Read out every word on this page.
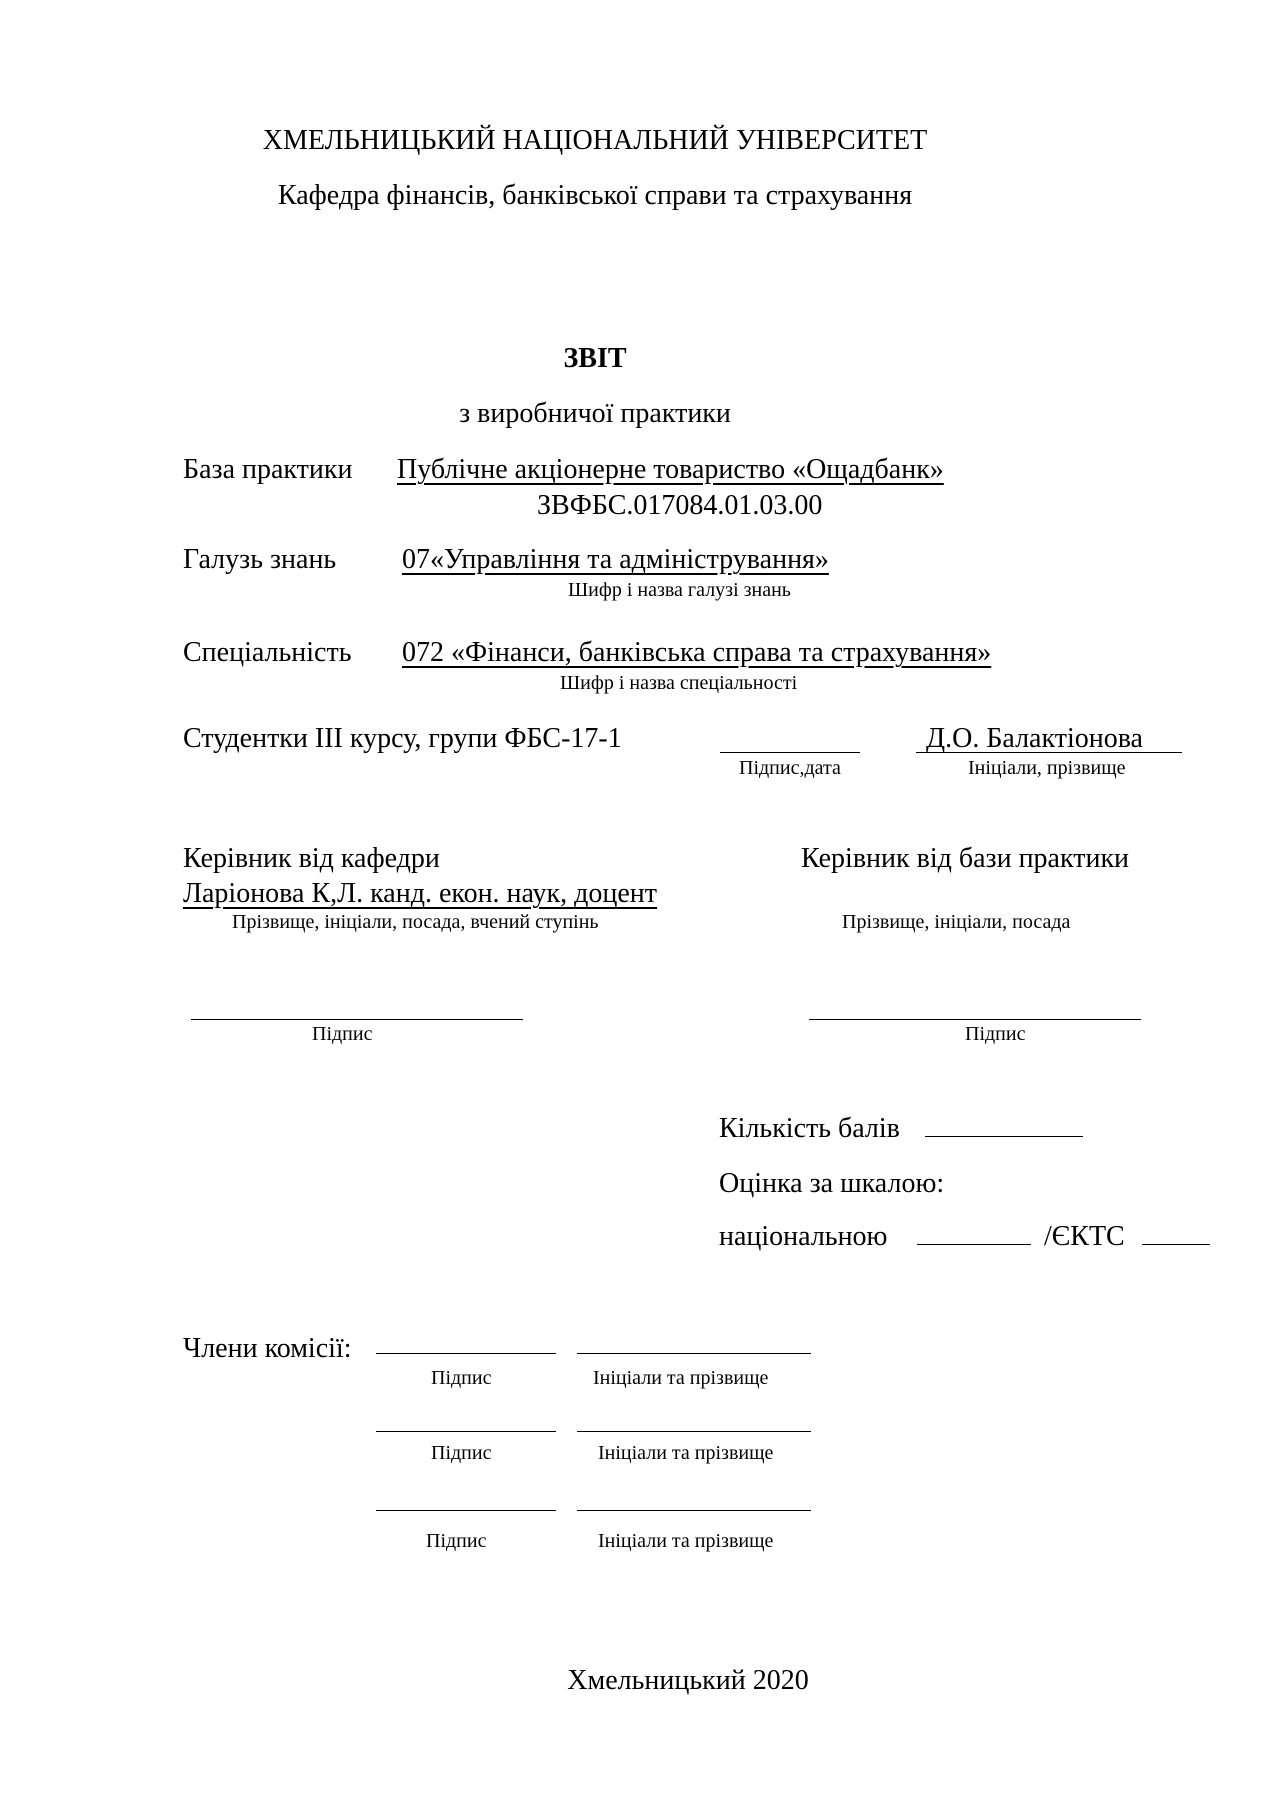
ХМЕЛЬНИЦЬКИЙ НАЦІОНАЛЬНИЙ УНІВЕРСИТЕТ
Кафедра фінансів, банківської справи та страхування
ЗВІТ
з виробничої практики
База практики Публічне акціонерне товариство «Ощадбанк»
ЗВФБС.017084.01.03.00
Галузь знань 07«Управління та адміністрування»
Шифр і назва галузі знань
Спеціальність 072 «Фінанси, банківська справа та страхування»
Шифр і назва спеціальності
Студентки ІІІ курсу, групи ФБС-17-1	Д.О. Балактіонова
Підпис,дата	Ініціали, прізвище
Керівник від кафедри
Ларіонова К,Л. канд. екон. наук, доцент
Прізвище, ініціали, посада, вчений ступінь
Керівник від бази практики
Прізвище, ініціали, посада
Підпис	Підпис
Кількість балів
Оцінка за шкалою:
національною	/ЄКТС
Члени комісії:
Підпис	Ініціали та прізвище
Підпис	Ініціали та прізвище
Підпис	Ініціали та прізвище
Хмельницький 2020
